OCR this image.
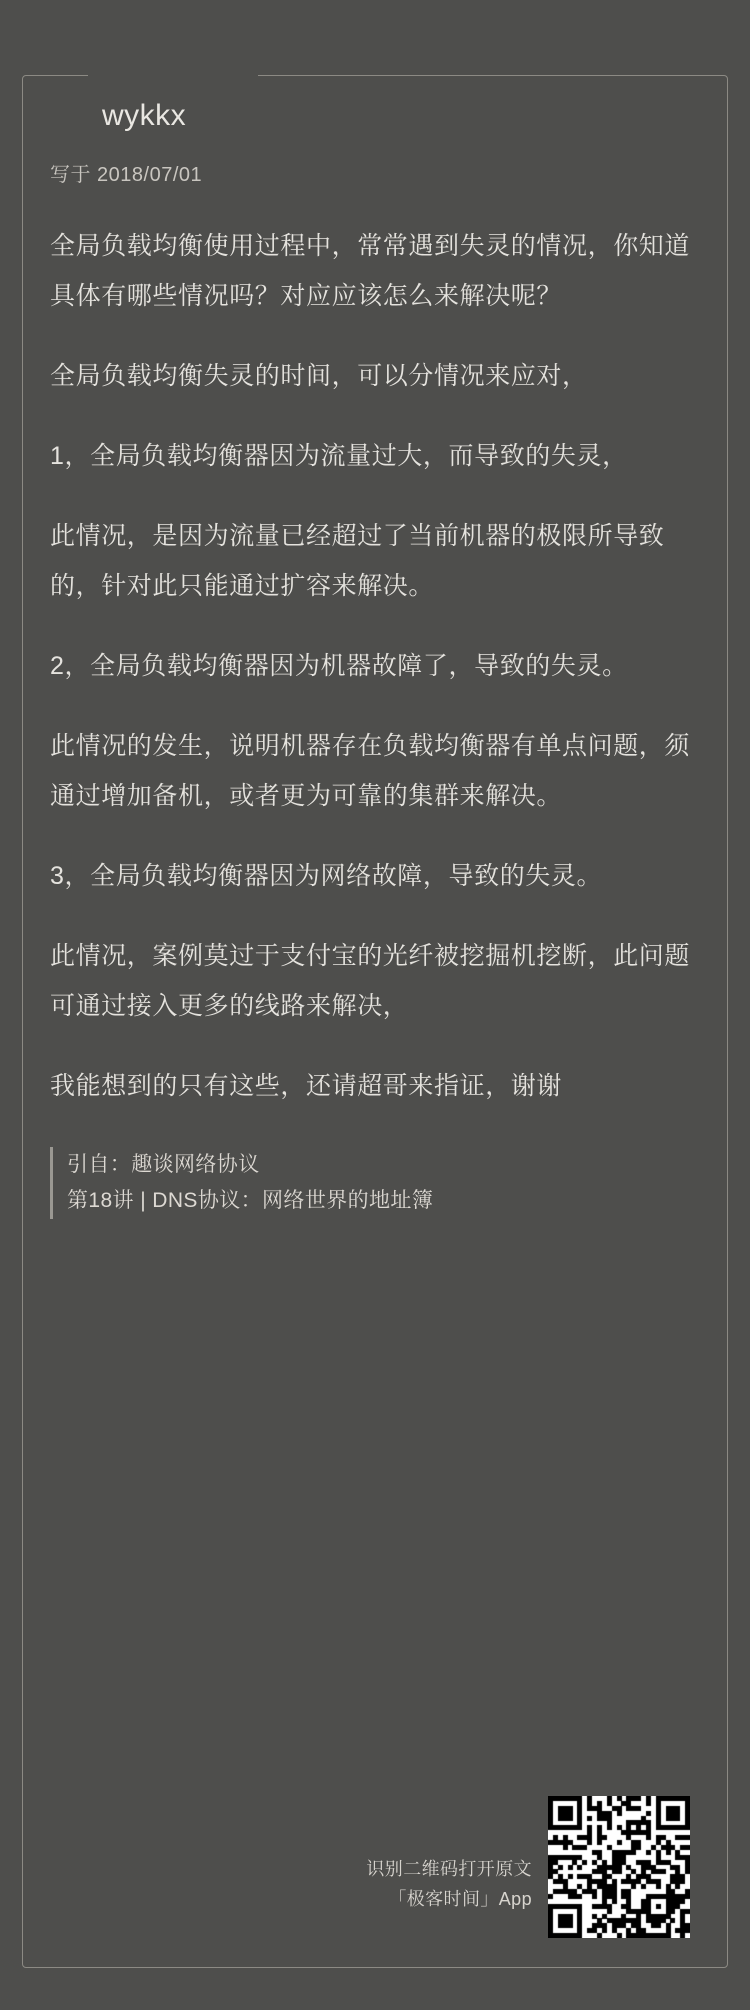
wykkx
写于 2018/07/01

全局负载均衡使用过程中，常常遇到失灵的情况，你知道具体有哪些情况吗？对应应该怎么来解决呢？

全局负载均衡失灵的时间，可以分情况来应对，

1，全局负载均衡器因为流量过大，而导致的失灵，

此情况，是因为流量已经超过了当前机器的极限所导致的，针对此只能通过扩容来解决。

2，全局负载均衡器因为机器故障了，导致的失灵。

此情况的发生，说明机器存在负载均衡器有单点问题，须通过增加备机，或者更为可靠的集群来解决。

3，全局负载均衡器因为网络故障，导致的失灵。

此情况，案例莫过于支付宝的光纤被挖掘机挖断，此问题可通过接入更多的线路来解决，

我能想到的只有这些，还请超哥来指证，谢谢

引自：趣谈网络协议
第18讲 | DNS协议：网络世界的地址簿
识别二维码打开原文
「极客时间」App
